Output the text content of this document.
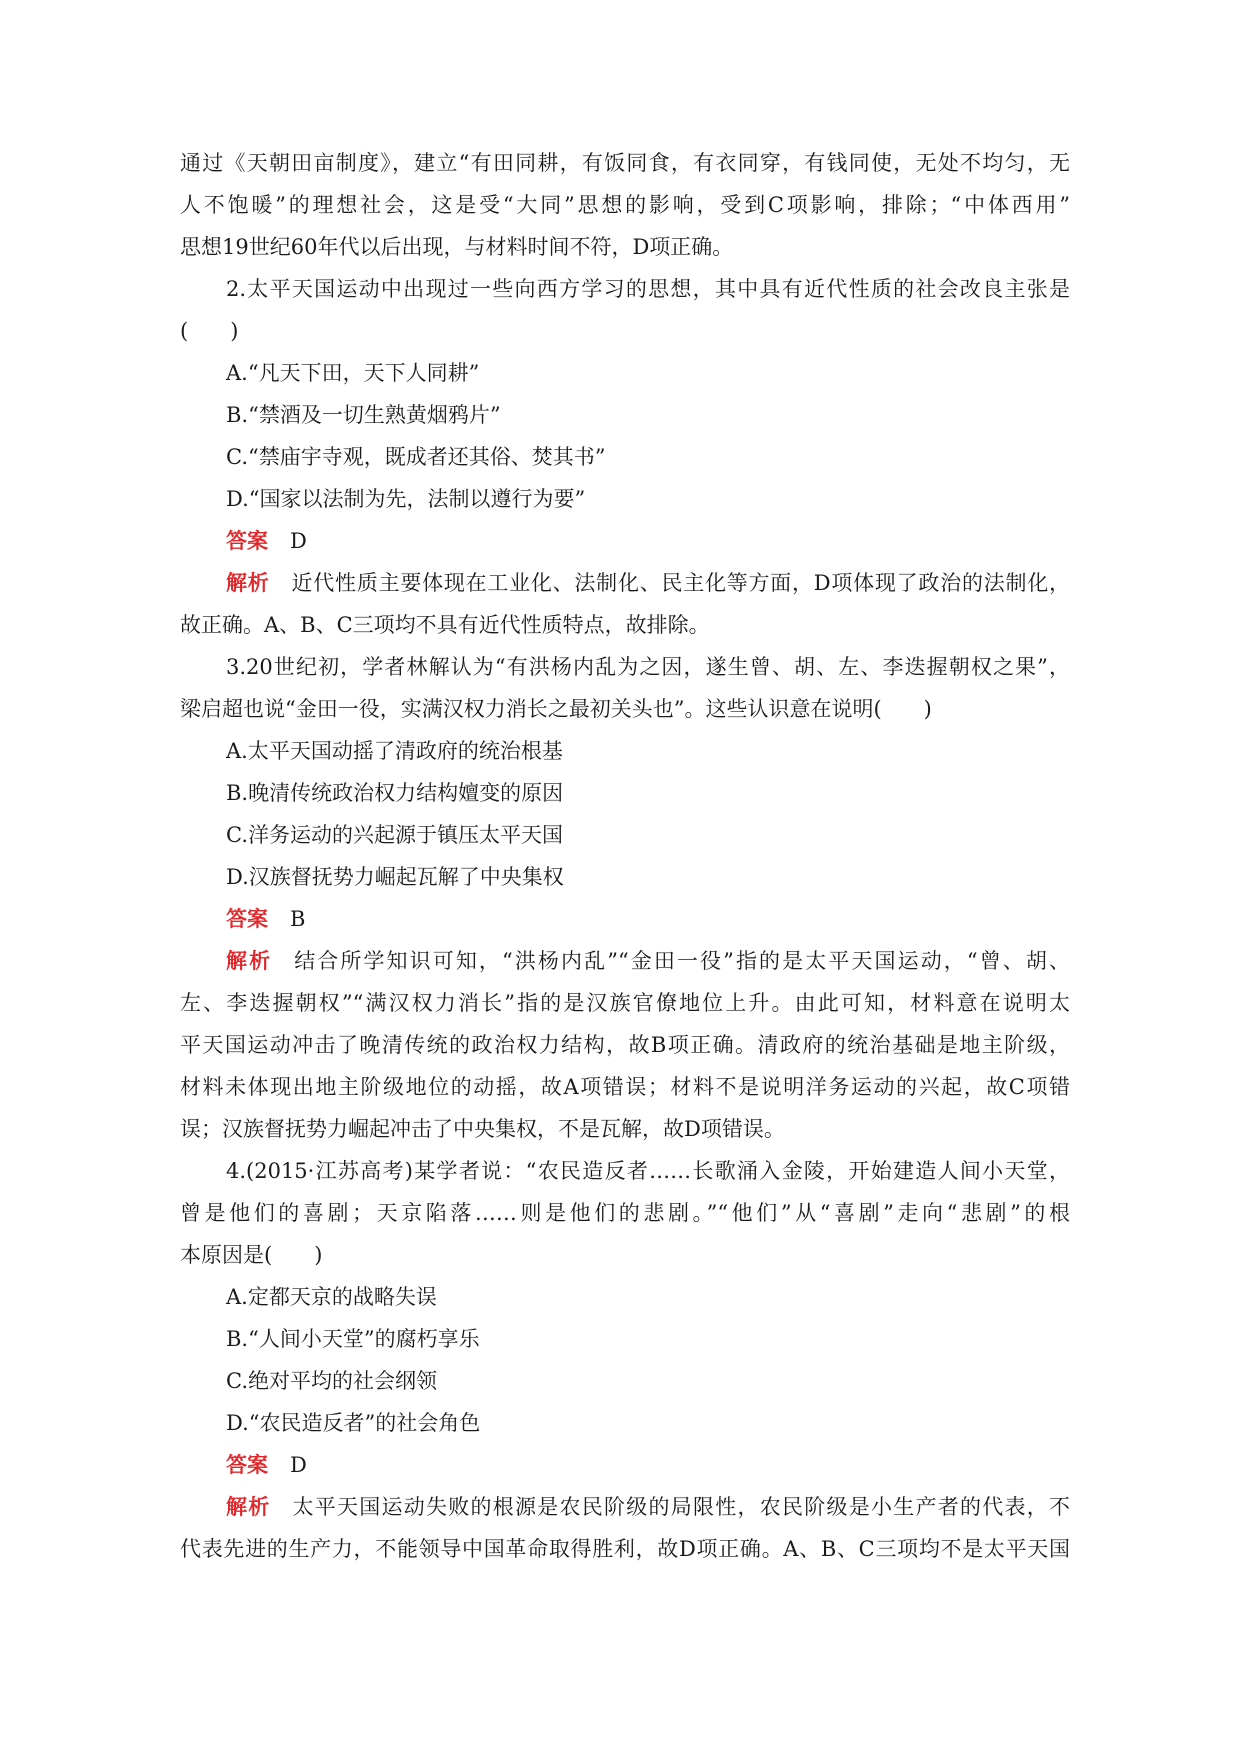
通过《天朝田亩制度》，建立“有田同耕，有饭同食，有衣同穿，有钱同使，无处不均匀，无

人不饱暖”的理想社会，这是受“大同”思想的影响，受到C项影响，排除；“中体西用”

思想19世纪60年代以后出现，与材料时间不符，D项正确。

2.太平天国运动中出现过一些向西方学习的思想，其中具有近代性质的社会改良主张是

(　　)

A.“凡天下田，天下人同耕”

B.“禁酒及一切生熟黄烟鸦片”

C.“禁庙宇寺观，既成者还其俗、焚其书”

D.“国家以法制为先，法制以遵行为要”

答案 D

解析 近代性质主要体现在工业化、法制化、民主化等方面，D项体现了政治的法制化，

故正确。A、B、C三项均不具有近代性质特点，故排除。

3.20世纪初，学者林解认为“有洪杨内乱为之因，遂生曾、胡、左、李迭握朝权之果”，

梁启超也说“金田一役，实满汉权力消长之最初关头也”。这些认识意在说明(　　)

A.太平天国动摇了清政府的统治根基

B.晚清传统政治权力结构嬗变的原因

C.洋务运动的兴起源于镇压太平天国

D.汉族督抚势力崛起瓦解了中央集权

答案 B

解析 结合所学知识可知，“洪杨内乱”“金田一役”指的是太平天国运动，“曾、胡、

左、李迭握朝权”“满汉权力消长”指的是汉族官僚地位上升。由此可知，材料意在说明太

平天国运动冲击了晚清传统的政治权力结构，故B项正确。清政府的统治基础是地主阶级，

材料未体现出地主阶级地位的动摇，故A项错误；材料不是说明洋务运动的兴起，故C项错

误；汉族督抚势力崛起冲击了中央集权，不是瓦解，故D项错误。

4.(2015·江苏高考)某学者说：“农民造反者……长歌涌入金陵，开始建造人间小天堂，

曾是他们的喜剧；天京陷落……则是他们的悲剧。”“他们”从“喜剧”走向“悲剧”的根

本原因是(　　)

A.定都天京的战略失误

B.“人间小天堂”的腐朽享乐

C.绝对平均的社会纲领

D.“农民造反者”的社会角色

答案 D

解析 太平天国运动失败的根源是农民阶级的局限性，农民阶级是小生产者的代表，不

代表先进的生产力，不能领导中国革命取得胜利，故D项正确。A、B、C三项均不是太平天国
